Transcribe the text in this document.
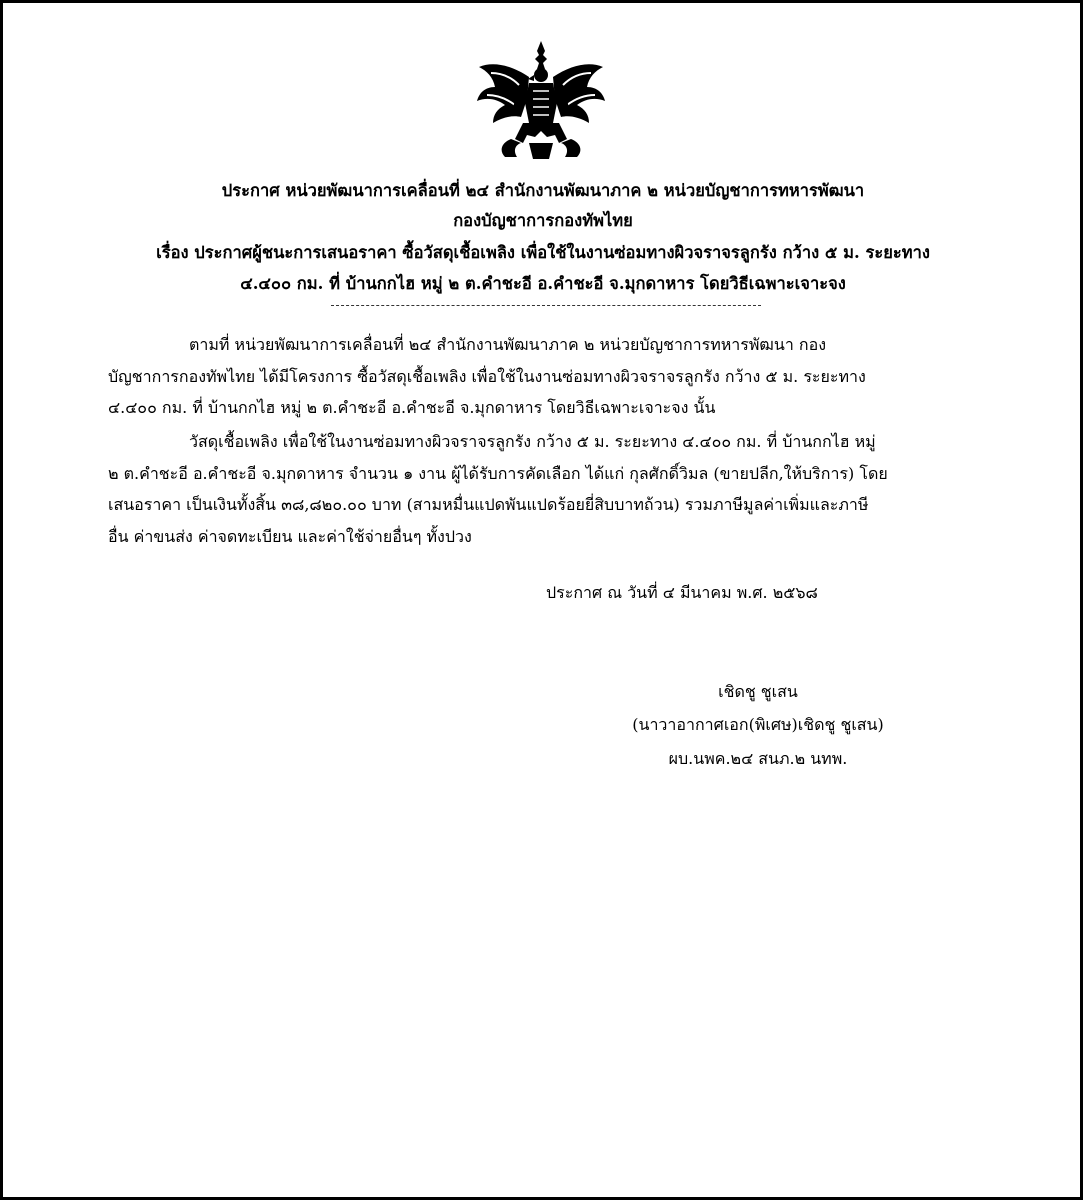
ประกาศ หน่วยพัฒนาการเคลื่อนที่ ๒๔ สำนักงานพัฒนาภาค ๒ หน่วยบัญชาการทหารพัฒนา
กองบัญชาการกองทัพไทย
เรื่อง ประกาศผู้ชนะการเสนอราคา ซื้อวัสดุเชื้อเพลิง เพื่อใช้ในงานซ่อมทางผิวจราจรลูกรัง กว้าง ๕ ม. ระยะทาง
๔.๔๐๐ กม. ที่ บ้านกกไฮ หมู่ ๒ ต.คำชะอี อ.คำชะอี จ.มุกดาหาร โดยวิธีเฉพาะเจาะจง
ตามที่ หน่วยพัฒนาการเคลื่อนที่ ๒๔ สำนักงานพัฒนาภาค ๒ หน่วยบัญชาการทหารพัฒนา กอง
บัญชาการกองทัพไทย ได้มีโครงการ ซื้อวัสดุเชื้อเพลิง เพื่อใช้ในงานซ่อมทางผิวจราจรลูกรัง กว้าง ๕ ม. ระยะทาง
๔.๔๐๐ กม. ที่ บ้านกกไฮ หมู่ ๒ ต.คำชะอี อ.คำชะอี จ.มุกดาหาร โดยวิธีเฉพาะเจาะจง นั้น
วัสดุเชื้อเพลิง เพื่อใช้ในงานซ่อมทางผิวจราจรลูกรัง กว้าง ๕ ม. ระยะทาง ๔.๔๐๐ กม. ที่ บ้านกกไฮ หมู่
๒ ต.คำชะอี อ.คำชะอี จ.มุกดาหาร จำนวน ๑ งาน ผู้ได้รับการคัดเลือก ได้แก่ กุลศักดิ์วิมล (ขายปลีก,ให้บริการ) โดย
เสนอราคา เป็นเงินทั้งสิ้น ๓๘,๘๒๐.๐๐ บาท (สามหมื่นแปดพันแปดร้อยยี่สิบบาทถ้วน) รวมภาษีมูลค่าเพิ่มและภาษี
อื่น ค่าขนส่ง ค่าจดทะเบียน และค่าใช้จ่ายอื่นๆ ทั้งปวง
ประกาศ ณ วันที่ ๔ มีนาคม พ.ศ. ๒๕๖๘
เชิดชู ชูเสน
(นาวาอากาศเอก(พิเศษ)เชิดชู ชูเสน)
ผบ.นพค.๒๔ สนภ.๒ นทพ.
